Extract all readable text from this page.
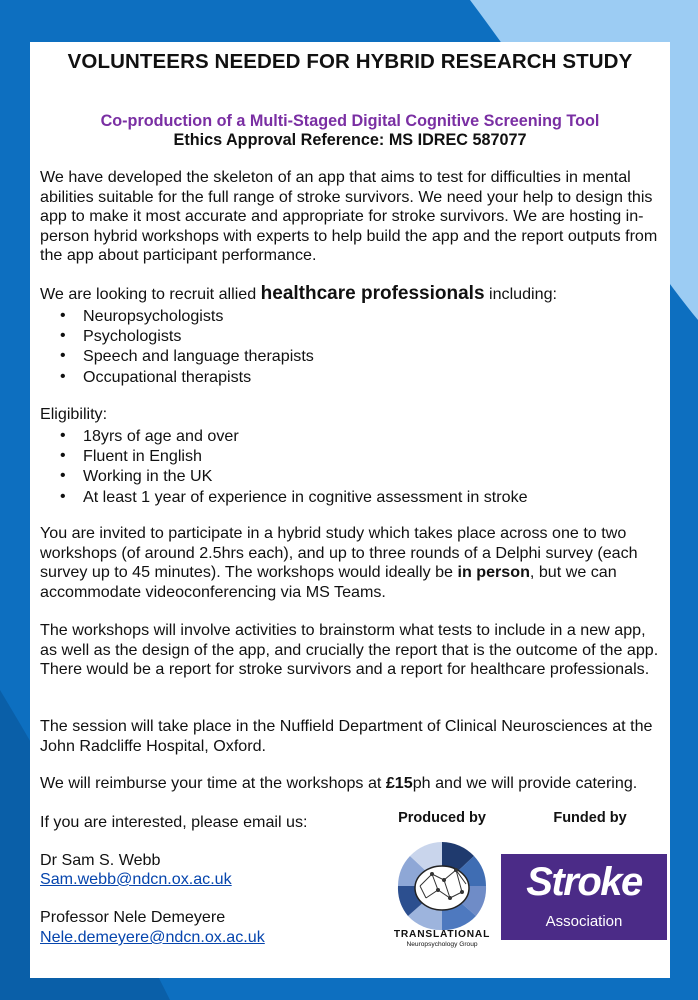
VOLUNTEERS NEEDED FOR HYBRID RESEARCH STUDY
Co-production of a Multi-Staged Digital Cognitive Screening Tool
Ethics Approval Reference: MS IDREC 587077

We have developed the skeleton of an app that aims to test for difficulties in mental abilities suitable for the full range of stroke survivors. We need your help to design this app to make it most accurate and appropriate for stroke survivors. We are hosting in-person hybrid workshops with experts to help build the app and the report outputs from the app about participant performance.

We are looking to recruit allied healthcare professionals including:

• Neuropsychologists
• Psychologists
• Speech and language therapists
• Occupational therapists

Eligibility:

• 18yrs of age and over
• Fluent in English
• Working in the UK
• At least 1 year of experience in cognitive assessment in stroke

You are invited to participate in a hybrid study which takes place across one to two workshops (of around 2.5hrs each), and up to three rounds of a Delphi survey (each survey up to 45 minutes). The workshops would ideally be in person, but we can accommodate videoconferencing via MS Teams.

The workshops will involve activities to brainstorm what tests to include in a new app, as well as the design of the app, and crucially the report that is the outcome of the app. There would be a report for stroke survivors and a report for healthcare professionals.

The session will take place in the Nuffield Department of Clinical Neurosciences at the John Radcliffe Hospital, Oxford.

We will reimburse your time at the workshops at £15ph and we will provide catering.

If you are interested, please email us:

Dr Sam S. Webb

Sam.webb@ndcn.ox.ac.uk

Professor Nele Demeyere

Nele.demeyere@ndcn.ox.ac.uk

Produced by	Funded by
TRANSLATIONAL
Neuropsychology Group
Stroke
Association
